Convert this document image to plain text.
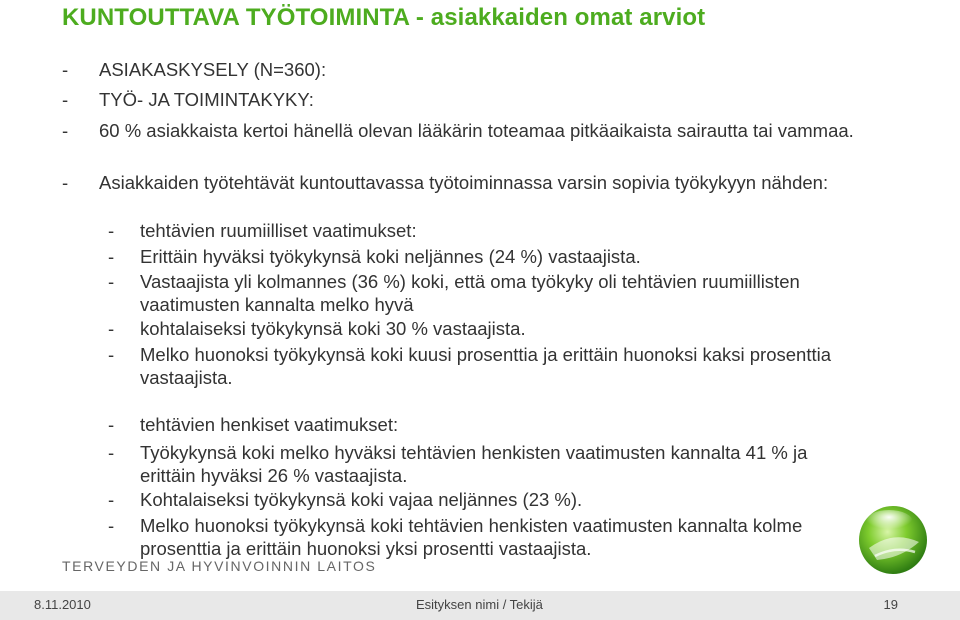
KUNTOUTTAVA TYÖTOIMINTA - asiakkaiden omat arviot
-	ASIAKASKYSELY (N=360):
-	TYÖ- JA TOIMINTAKYKY:
-	60 % asiakkaista kertoi hänellä olevan lääkärin toteamaa pitkäaikaista sairautta tai vammaa.
-	Asiakkaiden työtehtävät kuntouttavassa työtoiminnassa varsin sopivia työkykyyn nähden:
-	tehtävien ruumiilliset vaatimukset:
-	Erittäin hyväksi työkykynsä koki neljännes (24 %) vastaajista.
-	Vastaajista yli kolmannes (36 %) koki, että oma työkyky oli tehtävien ruumiillisten vaatimusten kannalta melko hyvä
-	kohtalaiseksi työkykynsä koki 30 % vastaajista.
-	Melko huonoksi työkykynsä koki kuusi prosenttia ja erittäin huonoksi kaksi prosenttia vastaajista.
-	tehtävien henkiset vaatimukset:
-	Työkykynsä koki melko hyväksi tehtävien henkisten vaatimusten kannalta 41 % ja erittäin hyväksi 26 % vastaajista.
-	Kohtalaiseksi työkykynsä koki vajaa neljännes (23 %).
-	Melko huonoksi työkykynsä koki tehtävien henkisten vaatimusten kannalta kolme prosenttia ja erittäin huonoksi yksi prosentti vastaajista.
TERVEYDEN JA HYVINVOINNIN LAITOS
8.11.2010	Esityksen nimi / Tekijä	19
